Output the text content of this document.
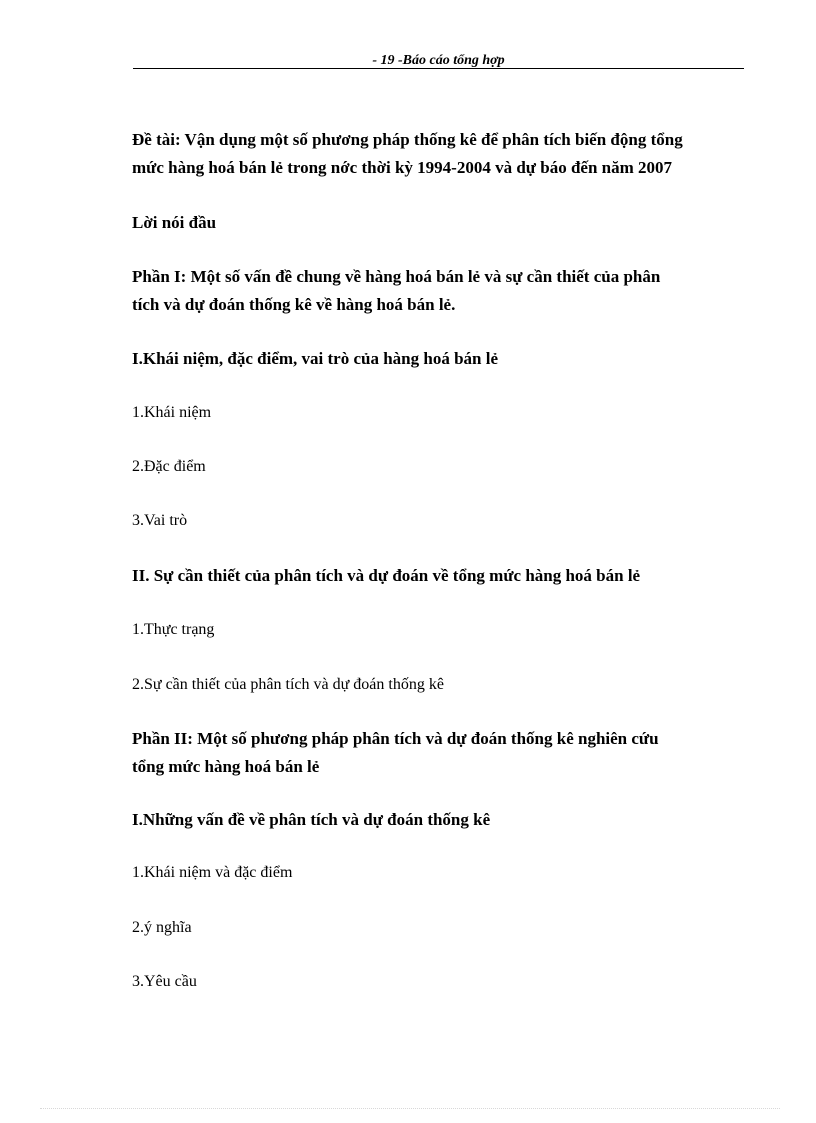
- 19 -Báo cáo tổng hợp
Đề tài: Vận dụng một số phương pháp thống kê để phân tích biến động tổng
mức hàng hoá bán lẻ trong nớc thời kỳ 1994-2004 và dự báo đến năm 2007
Lời nói đầu
Phần I: Một số vấn đề chung về hàng hoá bán lẻ và sự cần thiết của phân
tích và dự đoán thống kê về hàng hoá bán lẻ.
I.Khái niệm, đặc điểm, vai trò của hàng hoá bán lẻ
1.Khái niệm
2.Đặc điểm
3.Vai trò
II. Sự cần thiết của phân tích và dự đoán về tổng mức hàng hoá bán lẻ
1.Thực trạng
2.Sự cần thiết của phân tích và dự đoán thống kê
Phần II: Một số phương pháp phân tích và dự đoán thống kê nghiên cứu
tổng mức hàng hoá bán lẻ
I.Những vấn đề về phân tích và dự đoán thống kê
1.Khái niệm và đặc điểm
2.ý nghĩa
3.Yêu cầu
